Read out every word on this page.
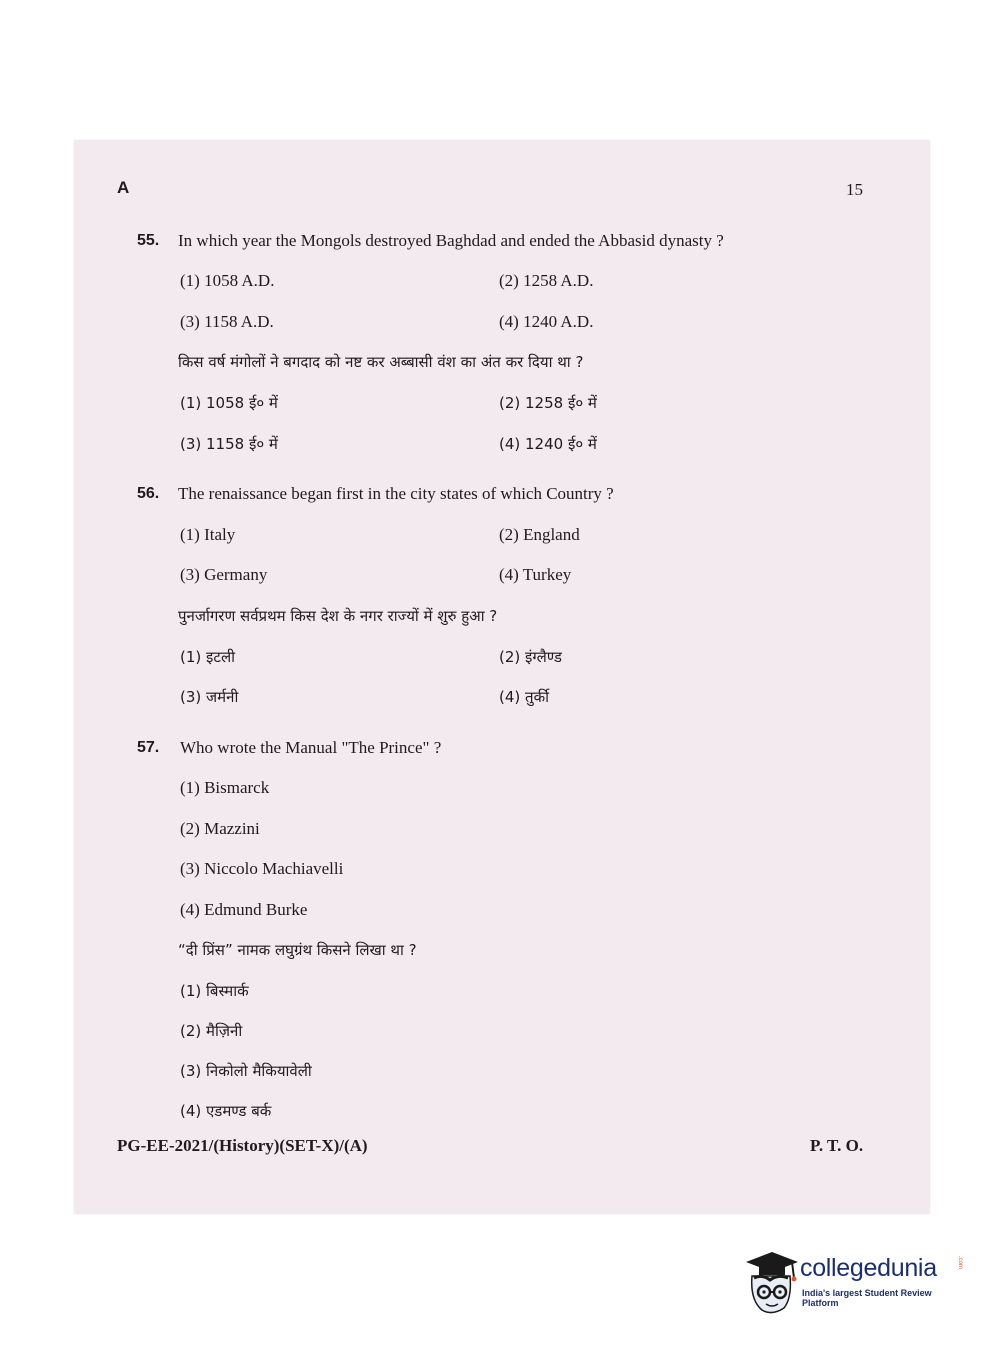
A	15
55. In which year the Mongols destroyed Baghdad and ended the Abbasid dynasty ?
(1) 1058 A.D.	(2) 1258 A.D.
(3) 1158 A.D.	(4) 1240 A.D.
किस वर्ष मंगोलों ने बगदाद को नष्ट कर अब्बासी वंश का अंत कर दिया था ?
(1) 1058 ई० में	(2) 1258 ई० में
(3) 1158 ई० में	(4) 1240 ई० में
56. The renaissance began first in the city states of which Country ?
(1) Italy	(2) England
(3) Germany	(4) Turkey
पुनर्जागरण सर्वप्रथम किस देश के नगर राज्यों में शुरु हुआ ?
(1) इटली	(2) इंग्लैण्ड
(3) जर्मनी	(4) तुर्की
57. Who wrote the Manual "The Prince" ?
(1) Bismarck
(2) Mazzini
(3) Niccolo Machiavelli
(4) Edmund Burke
“दी प्रिंस” नामक लघुग्रंथ किसने लिखा था ?
(1) बिस्मार्क
(2) मैज़िनी
(3) निकोलो मैकियावेली
(4) एडमण्ड बर्क
PG-EE-2021/(History)(SET-X)/(A)	P. T. O.
collegedunia	.com
India's largest Student Review Platform
